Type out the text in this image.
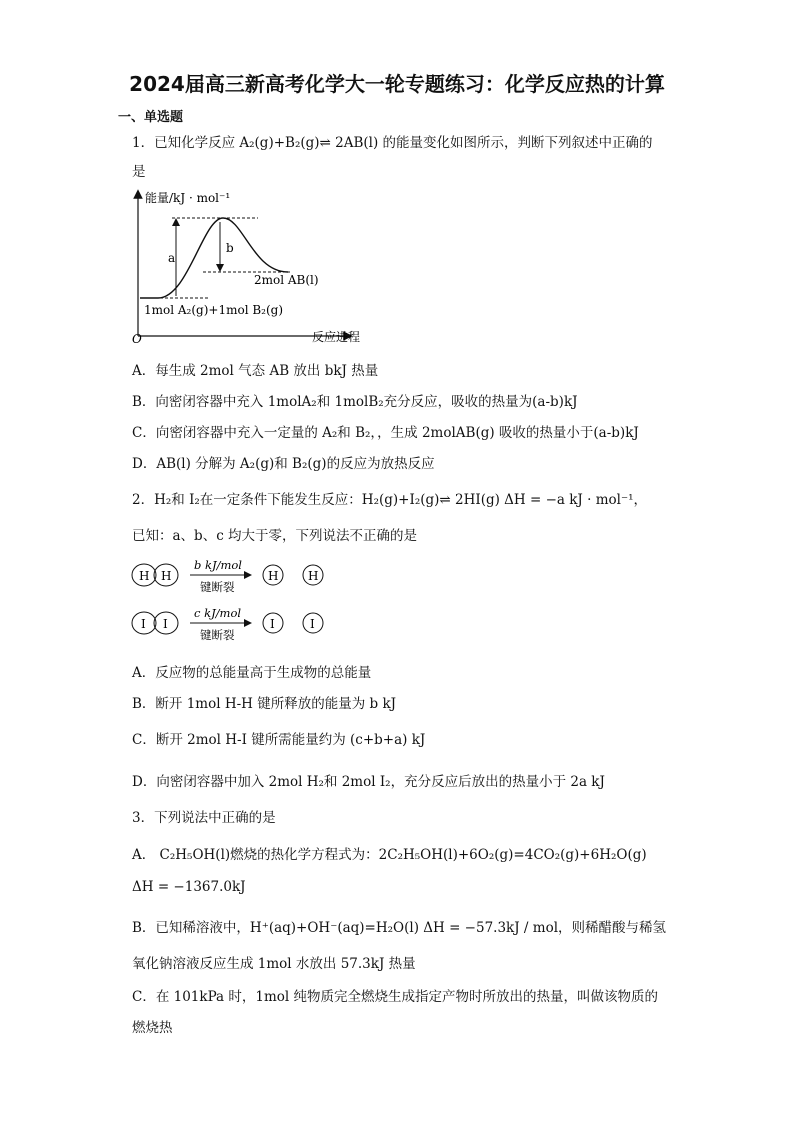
2024届高三新高考化学大一轮专题练习：化学反应热的计算
一、单选题
1．已知化学反应 A₂(g)+B₂(g)⇌ 2AB(l) 的能量变化如图所示，判断下列叙述中正确的
是
能量/kJ · mol⁻¹
反应进程
O
a
b
2mol AB(l)
1mol A₂(g)+1mol B₂(g)
A．每生成 2mol 气态 AB 放出 bkJ 热量
B．向密闭容器中充入 1molA₂和 1molB₂充分反应，吸收的热量为(a-b)kJ
C．向密闭容器中充入一定量的 A₂和 B₂，，生成 2molAB(g) 吸收的热量小于(a-b)kJ
D．AB(l) 分解为 A₂(g)和 B₂(g)的反应为放热反应
2．H₂和 I₂在一定条件下能发生反应：H₂(g)+I₂(g)⇌ 2HI(g) ΔH = −a kJ · mol⁻¹，
已知：a、b、c 均大于零，下列说法不正确的是
H H
b kJ/mol
键断裂
H H
I I
c kJ/mol
键断裂
I	I
A．反应物的总能量高于生成物的总能量
B．断开 1mol H-H 键所释放的能量为 b kJ
C．断开 2mol H-I 键所需能量约为 (c+b+a) kJ
D．向密闭容器中加入 2mol H₂和 2mol I₂，充分反应后放出的热量小于 2a kJ
3．下列说法中正确的是
A． C₂H₅OH(l)燃烧的热化学方程式为：2C₂H₅OH(l)+6O₂(g)=4CO₂(g)+6H₂O(g)
ΔH = −1367.0kJ
B．已知稀溶液中，H⁺(aq)+OH⁻(aq)=H₂O(l) ΔH = −57.3kJ / mol，则稀醋酸与稀氢
氧化钠溶液反应生成 1mol 水放出 57.3kJ 热量
C．在 101kPa 时，1mol 纯物质完全燃烧生成指定产物时所放出的热量，叫做该物质的
燃烧热
